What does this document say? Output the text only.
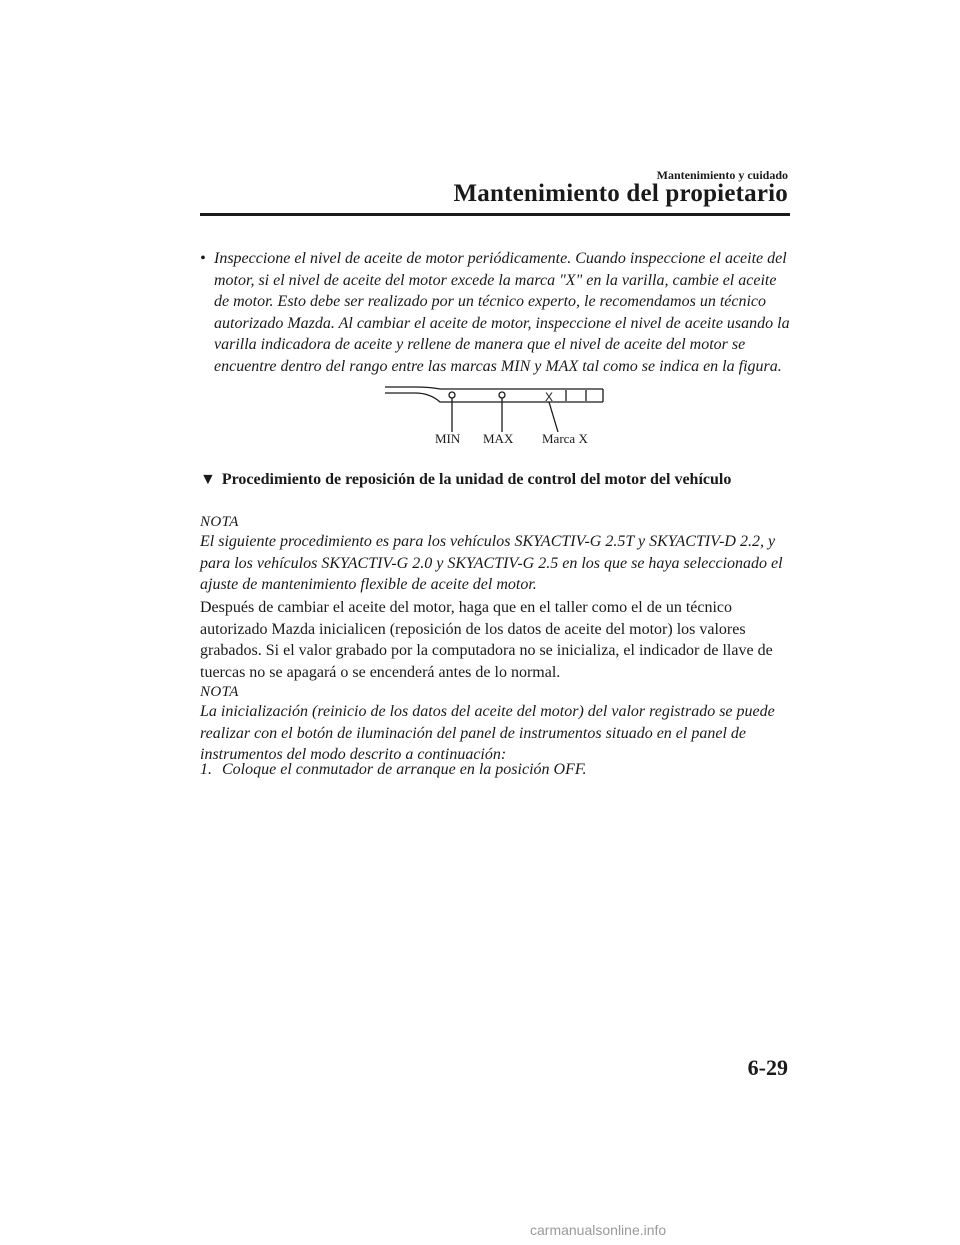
Mantenimiento y cuidado
Mantenimiento del propietario
• Inspeccione el nivel de aceite de motor periódicamente. Cuando inspeccione el aceite del motor, si el nivel de aceite del motor excede la marca "X" en la varilla, cambie el aceite de motor. Esto debe ser realizado por un técnico experto, le recomendamos un técnico autorizado Mazda. Al cambiar el aceite de motor, inspeccione el nivel de aceite usando la varilla indicadora de aceite y rellene de manera que el nivel de aceite del motor se encuentre dentro del rango entre las marcas MIN y MAX tal como se indica en la figura.
X
MIN MAX Marca X
▼ Procedimiento de reposición de la unidad de control del motor del vehículo
NOTA
El siguiente procedimiento es para los vehículos SKYACTIV-G 2.5T y SKYACTIV-D 2.2, y para los vehículos SKYACTIV-G 2.0 y SKYACTIV-G 2.5 en los que se haya seleccionado el ajuste de mantenimiento flexible de aceite del motor.
Después de cambiar el aceite del motor, haga que en el taller como el de un técnico autorizado Mazda inicialicen (reposición de los datos de aceite del motor) los valores grabados. Si el valor grabado por la computadora no se inicializa, el indicador de llave de tuercas no se apagará o se encenderá antes de lo normal.
NOTA
La inicialización (reinicio de los datos del aceite del motor) del valor registrado se puede realizar con el botón de iluminación del panel de instrumentos situado en el panel de instrumentos del modo descrito a continuación:
1. Coloque el conmutador de arranque en la posición OFF.
6-29
carmanualsonline.info
